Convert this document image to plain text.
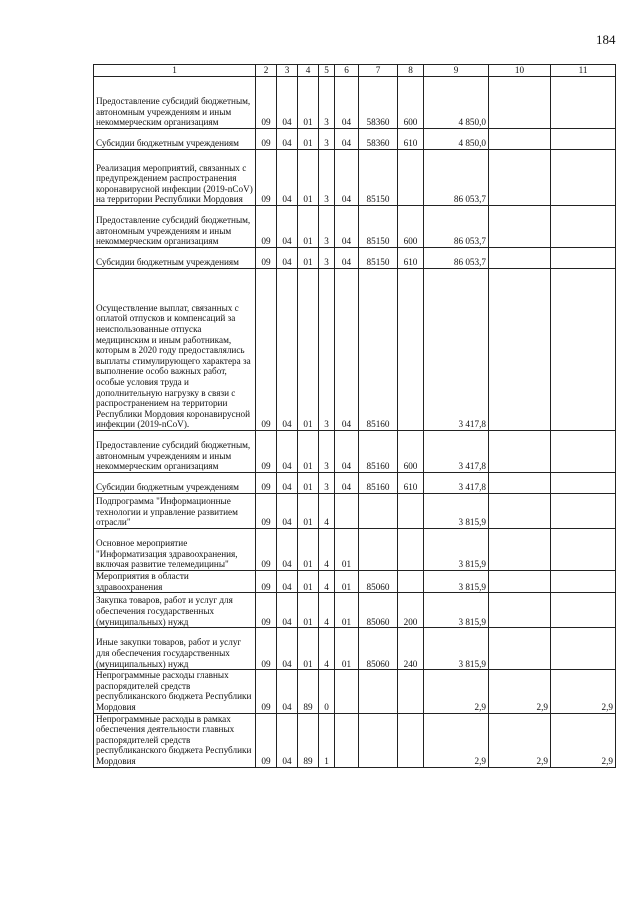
184
1	2	3	4	5	6	7	8	9	10	11
Предоставление субсидий бюджетным, автономным учреждениям и иным некоммерческим организациям	09	04	01	3	04	58360	600	4 850,0		
Субсидии бюджетным учреждениям	09	04	01	3	04	58360	610	4 850,0		
Реализация мероприятий, связанных с предупреждением распространения коронавирусной инфекции (2019-nCoV) на территории Республики Мордовия	09	04	01	3	04	85150		86 053,7		
Предоставление субсидий бюджетным, автономным учреждениям и иным некоммерческим организациям	09	04	01	3	04	85150	600	86 053,7		
Субсидии бюджетным учреждениям	09	04	01	3	04	85150	610	86 053,7		
Осуществление выплат, связанных с оплатой отпусков и компенсаций за неиспользованные отпуска медицинским и иным работникам, которым в 2020 году предоставлялись выплаты стимулирующего характера за выполнение особо важных работ, особые условия труда и дополнительную нагрузку в связи с распространением на территории Республики Мордовия коронавирусной инфекции (2019-nCoV).	09	04	01	3	04	85160		3 417,8		
Предоставление субсидий бюджетным, автономным учреждениям и иным некоммерческим организациям	09	04	01	3	04	85160	600	3 417,8		
Субсидии бюджетным учреждениям	09	04	01	3	04	85160	610	3 417,8		
Подпрограмма "Информационные технологии и управление развитием отрасли"	09	04	01	4				3 815,9		
Основное мероприятие "Информатизация здравоохранения, включая развитие телемедицины"	09	04	01	4	01			3 815,9		
Мероприятия в области здравоохранения	09	04	01	4	01	85060		3 815,9		
Закупка товаров, работ и услуг для обеспечения государственных (муниципальных) нужд	09	04	01	4	01	85060	200	3 815,9		
Иные закупки товаров, работ и услуг для обеспечения государственных (муниципальных) нужд	09	04	01	4	01	85060	240	3 815,9		
Непрограммные расходы главных распорядителей средств республиканского бюджета Республики Мордовия	09	04	89	0				2,9	2,9	2,9
Непрограммные расходы в рамках обеспечения деятельности главных распорядителей средств республиканского бюджета Республики Мордовия	09	04	89	1				2,9	2,9	2,9
